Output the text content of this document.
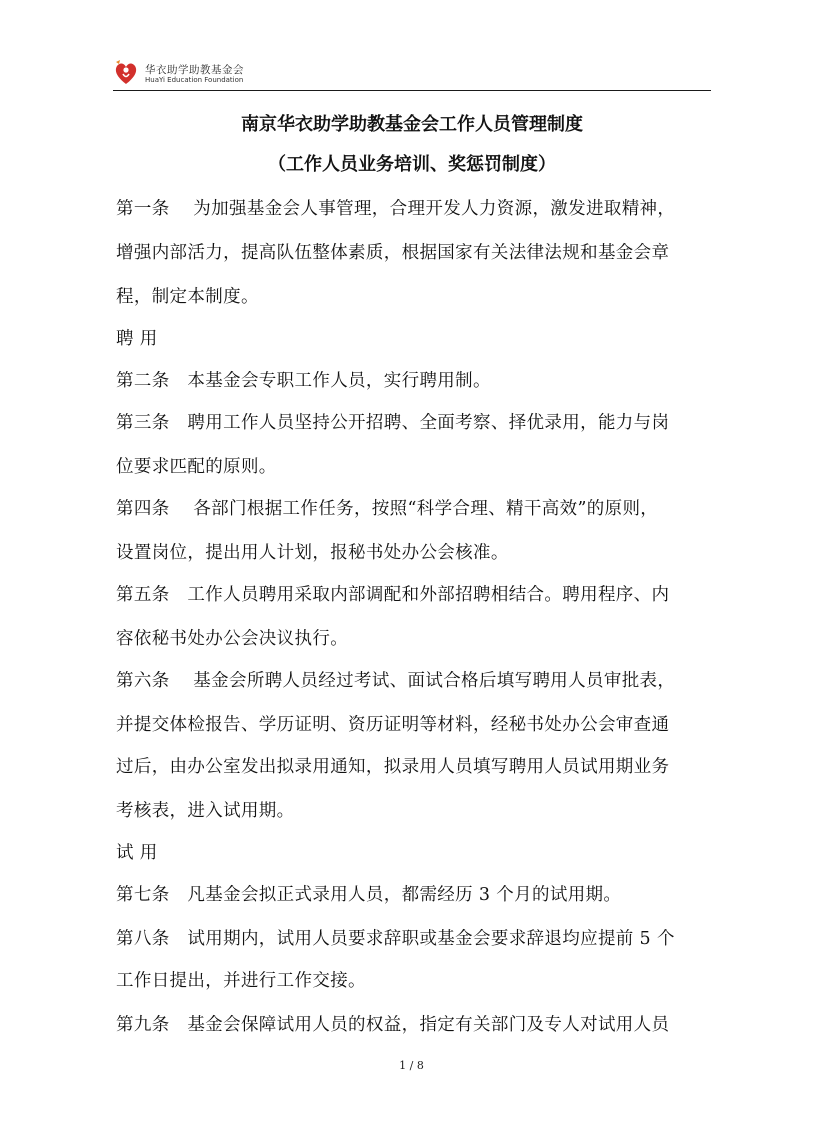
华衣助学助教基金会
HuaYi Education Foundation
南京华衣助学助教基金会工作人员管理制度
（工作人员业务培训、奖惩罚制度）
第一条　 为加强基金会人事管理，合理开发人力资源，激发进取精神，
增强内部活力，提高队伍整体素质，根据国家有关法律法规和基金会章
程，制定本制度。
聘 用
第二条　本基金会专职工作人员，实行聘用制。
第三条　聘用工作人员坚持公开招聘、全面考察、择优录用，能力与岗
位要求匹配的原则。
第四条　 各部门根据工作任务，按照“科学合理、精干高效”的原则，
设置岗位，提出用人计划，报秘书处办公会核准。
第五条　工作人员聘用采取内部调配和外部招聘相结合。聘用程序、内
容依秘书处办公会决议执行。
第六条　 基金会所聘人员经过考试、面试合格后填写聘用人员审批表，
并提交体检报告、学历证明、资历证明等材料，经秘书处办公会审查通
过后，由办公室发出拟录用通知，拟录用人员填写聘用人员试用期业务
考核表，进入试用期。
试 用
第七条　凡基金会拟正式录用人员，都需经历 3 个月的试用期。
第八条　试用期内，试用人员要求辞职或基金会要求辞退均应提前 5 个
工作日提出，并进行工作交接。
第九条　基金会保障试用人员的权益，指定有关部门及专人对试用人员
1 / 8
